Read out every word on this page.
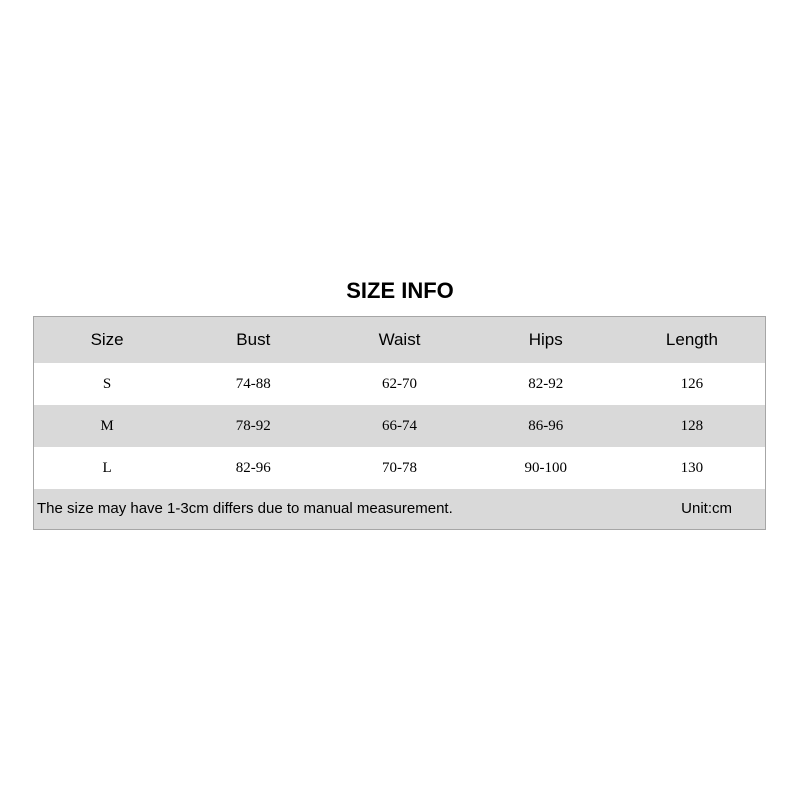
SIZE INFO
Size	Bust	Waist	Hips	Length
S	74-88	62-70	82-92	126
M	78-92	66-74	86-96	128
L	82-96	70-78	90-100	130
The size may have 1-3cm differs due to manual measurement.	Unit:cm
